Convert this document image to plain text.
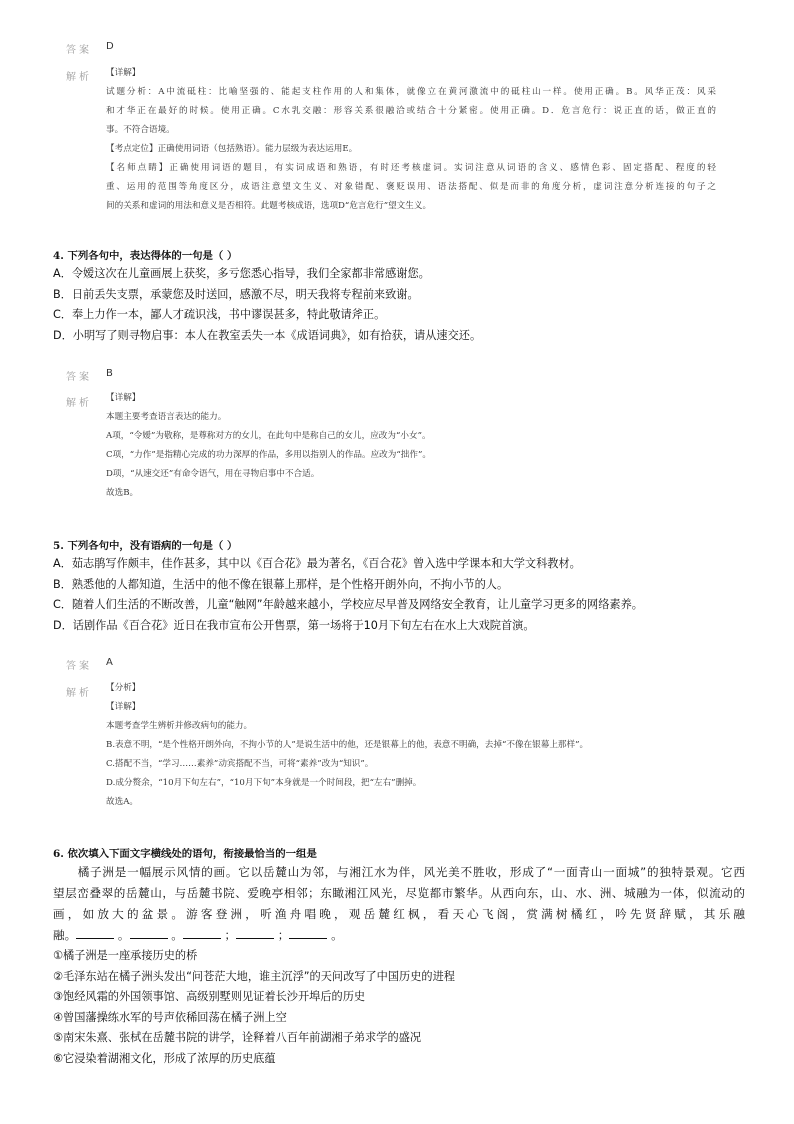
答案 D
解析 【详解】
试题分析：A中流砥柱：比喻坚强的、能起支柱作用的人和集体，就像立在黄河激流中的砥柱山一样。使用正确。B。风华正茂：风采
和才华正在最好的时候。使用正确。C水乳交融：形容关系很融洽或结合十分紧密。使用正确。D．危言危行：说正直的话，做正直的
事。不符合语境。
【考点定位】正确使用词语（包括熟语）。能力层级为表达运用E。
【名师点睛】正确使用词语的题目，有实词成语和熟语，有时还考核虚词。实词注意从词语的含义、感情色彩、固定搭配、程度的轻
重、运用的范围等角度区分，成语注意望文生义、对象错配、褒贬误用、语法搭配、似是而非的角度分析，虚词注意分析连接的句子之
间的关系和虚词的用法和意义是否相符。此题考核成语，选项D“危言危行”望文生义。
4. 下列各句中，表达得体的一句是（ ）
A．令嫒这次在儿童画展上获奖，多亏您悉心指导，我们全家都非常感谢您。
B．日前丢失支票，承蒙您及时送回，感激不尽，明天我将专程前来致谢。
C．奉上力作一本，鄙人才疏识浅，书中谬误甚多，特此敬请斧正。
D．小明写了则寻物启事：本人在教室丢失一本《成语词典》，如有拾获，请从速交还。
答案 B
解析 【详解】
本题主要考查语言表达的能力。
A项，“令嫒”为敬称，是尊称对方的女儿，在此句中是称自己的女儿，应改为“小女”。
C项，“力作”是指精心完成的功力深厚的作品，多用以指别人的作品。应改为“拙作”。
D项，“从速交还”有命令语气，用在寻物启事中不合适。
故选B。
5. 下列各句中，没有语病的一句是（ ）
A．茹志鹃写作颇丰，佳作甚多，其中以《百合花》最为著名，《百合花》曾入选中学课本和大学文科教材。
B．熟悉他的人都知道，生活中的他不像在银幕上那样，是个性格开朗外向，不拘小节的人。
C．随着人们生活的不断改善，儿童“触网”年龄越来越小，学校应尽早普及网络安全教育，让儿童学习更多的网络素养。
D．话剧作品《百合花》近日在我市宣布公开售票，第一场将于10月下旬左右在水上大戏院首演。
答案 A
解析 【分析】
【详解】
本题考查学生辨析并修改病句的能力。
B.表意不明，“是个性格开朗外向，不拘小节的人”是说生活中的他，还是银幕上的他，表意不明确，去掉“不像在银幕上那样”。
C.搭配不当，“学习……素养”动宾搭配不当，可将“素养”改为“知识”。
D.成分赘余，“10月下旬左右”，“10月下旬”本身就是一个时间段，把“左右”删掉。
故选A。
6. 依次填入下面文字横线处的语句，衔接最恰当的一组是
　　橘子洲是一幅展示风情的画。它以岳麓山为邻，与湘江水为伴，风光美不胜收，形成了“一面青山一面城”的独特景观。它西
望层峦叠翠的岳麓山，与岳麓书院、爱晚亭相邻；东瞰湘江风光，尽览都市繁华。从西向东，山、水、洲、城融为一体，似流动的
画，如放大的盆景。游客登洲，听渔舟唱晚，观岳麓红枫，看天心飞阁，赏满树橘红，吟先贤辞赋，其乐融
融。	。	。	；	；	。
①橘子洲是一座承接历史的桥
②毛泽东站在橘子洲头发出“问苍茫大地，谁主沉浮”的天问改写了中国历史的进程
③饱经风霜的外国领事馆、高级别墅则见证着长沙开埠后的历史
④曾国藩操练水军的号声依稀回荡在橘子洲上空
⑤南宋朱熹、张栻在岳麓书院的讲学，诠释着八百年前湖湘子弟求学的盛况
⑥它浸染着湖湘文化，形成了浓厚的历史底蕴
